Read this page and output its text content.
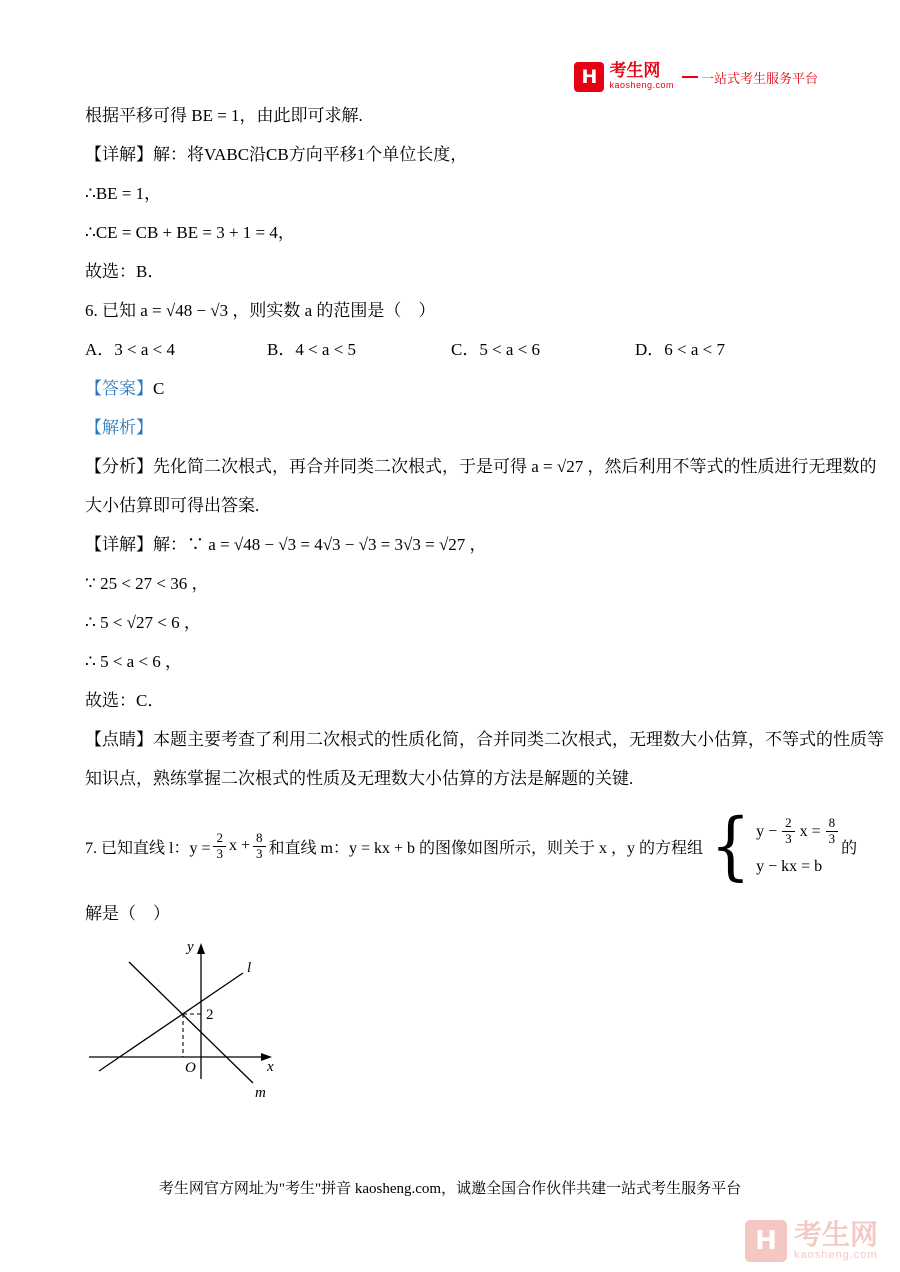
H 考生网
kaosheng.com 一站式考生服务平台

根据平移可得 BE = 1，由此即可求解.

【详解】解：将VABC沿CB方向平移1个单位长度，

∴BE = 1，

∴CE = CB + BE = 3 + 1 = 4，

故选：B．

6. 已知 a = √48 − √3 ，则实数 a 的范围是（　）

A．3 < a < 4	B．4 < a < 5	C．5 < a < 6	D．6 < a < 7

【答案】C

【解析】

【分析】先化简二次根式，再合并同类二次根式，于是可得 a = √27 ，然后利用不等式的性质进行无理数的

大小估算即可得出答案.

【详解】解：∵ a = √48 − √3 = 4√3 − √3 = 3√3 = √27 ，

∵ 25 < 27 < 36 ，

∴ 5 < √27 < 6 ，

∴ 5 < a < 6 ，

故选：C．

【点睛】本题主要考查了利用二次根式的性质化简，合并同类二次根式，无理数大小估算，不等式的性质等

知识点，熟练掌握二次根式的性质及无理数大小估算的方法是解题的关键.

7. 已知直线 l：$y = \frac{2}{3}$ $x + \frac{8}{3}$ 和直线 m：y = kx + b 的图像如图所示，则关于 x ，y 的方程组 { $y - \frac{2}{3}$ $x = \frac{8}{3}$
y − kx = b
的

解是（　）

y
l
2
O	x
m
考生网官方网址为"考生"拼音 kaosheng.com，诚邀全国合作伙伴共建一站式考生服务平台
H 考生网
kaosheng.com
